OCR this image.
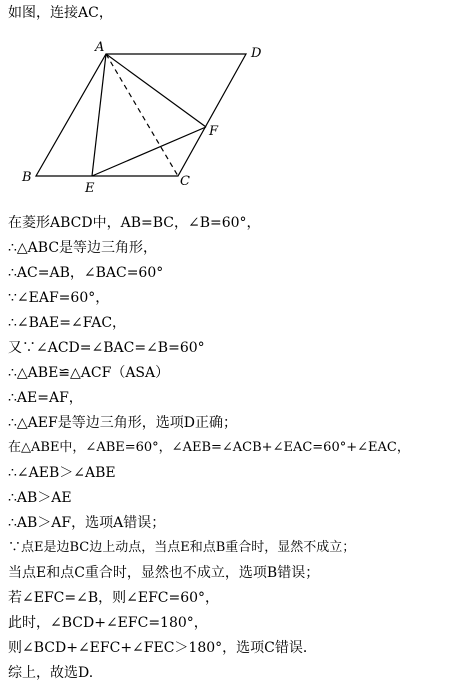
如图，连接AC，
A	D
F
B
E	C
在菱形ABCD中，AB=BC，∠B=60°，
∴△ABC是等边三角形，
∴AC=AB，∠BAC=60°
∵∠EAF=60°，
∴∠BAE=∠FAC，
又∵∠ACD=∠BAC=∠B=60°
∴△ABE≌△ACF（ASA）
∴AE=AF，
∴△AEF是等边三角形，选项D正确；
在△ABE中，∠ABE=60°，∠AEB=∠ACB+∠EAC=60°+∠EAC，
∴∠AEB＞∠ABE
∴AB＞AE
∴AB＞AF，选项A错误；
∵点E是边BC边上动点，当点E和点B重合时，显然不成立；
当点E和点C重合时，显然也不成立，选项B错误；
若∠EFC=∠B，则∠EFC=60°，
此时，∠BCD+∠EFC=180°，
则∠BCD+∠EFC+∠FEC＞180°，选项C错误．
综上，故选D.
